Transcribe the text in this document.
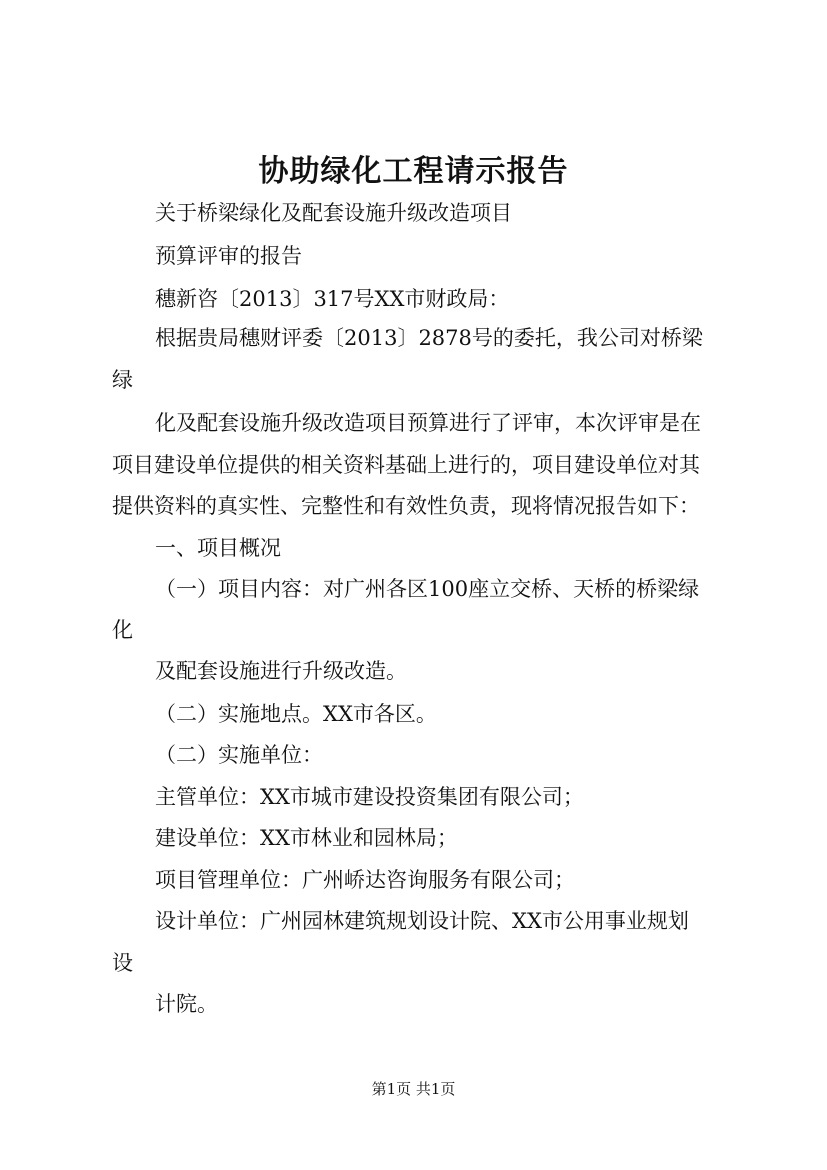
协助绿化工程请示报告
关于桥梁绿化及配套设施升级改造项目
预算评审的报告
穗新咨〔2013〕317号XX市财政局：
根据贵局穗财评委〔2013〕2878号的委托，我公司对桥梁
绿
化及配套设施升级改造项目预算进行了评审，本次评审是在
项目建设单位提供的相关资料基础上进行的，项目建设单位对其
提供资料的真实性、完整性和有效性负责，现将情况报告如下：
一、项目概况
（一）项目内容：对广州各区100座立交桥、天桥的桥梁绿
化
及配套设施进行升级改造。
（二）实施地点。XX市各区。
（二）实施单位：
主管单位：XX市城市建设投资集团有限公司；
建设单位：XX市林业和园林局；
项目管理单位：广州峤达咨询服务有限公司；
设计单位：广州园林建筑规划设计院、XX市公用事业规划
设
计院。
第1页 共1页
